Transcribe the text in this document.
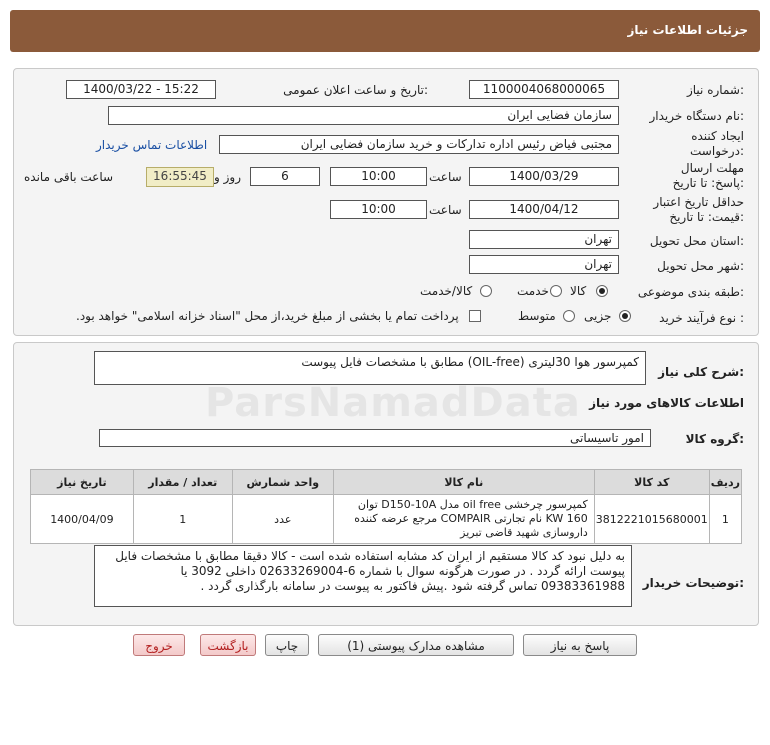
جزئیات اطلاعات نیاز
شماره نیاز:
1100004068000065
تاریخ و ساعت اعلان عمومی:
1400/03/22 - 15:22
نام دستگاه خریدار:
سازمان فضایی ایران
ایجاد کننده درخواست:
مجتبی فیاض رئیس اداره تدارکات و خرید سازمان فضایی ایران
اطلاعات تماس خریدار
مهلت ارسال پاسخ: تا تاریخ:
1400/03/29
ساعت
10:00
6
روز و
16:55:45
ساعت باقی مانده
حداقل تاریخ اعتبار قیمت: تا تاریخ:
1400/04/12
ساعت
10:00
استان محل تحویل:
تهران
شهر محل تحویل:
تهران
طبقه بندی موضوعی:
کالا
خدمت
کالا/خدمت
نوع فرآیند خرید :
جزیی
متوسط
پرداخت تمام یا بخشی از مبلغ خرید،از محل "اسناد خزانه اسلامی" خواهد بود.
شرح کلی نیاز:
کمپرسور هوا 30لیتری (OIL-free) مطابق با مشخصات فایل پیوست
اطلاعات کالاهای مورد نیاز
گروه کالا:
امور تاسیساتی
ردیف	کد کالا	نام کالا	واحد شمارش	تعداد / مقدار	تاریخ نیاز
1	3812221015680001	کمپرسور چرخشی oil free مدل D150-10A توان 160 KW نام تجارتی COMPAIR مرجع عرضه کننده داروسازی شهید قاضی تبریز	عدد	1	1400/04/09
توضیحات خریدار:
به دلیل نبود کد کالا مستقیم از ایران کد مشابه استفاده شده است - کالا دقیقا مطابق با مشخصات فایل پیوست ارائه گردد . در صورت هرگونه سوال با شماره 6-02633269004 داخلی 3092 یا 09383361988 تماس گرفته شود .پیش فاکتور به پیوست در سامانه بارگذاری گردد .
پاسخ به نیاز
مشاهده مدارک پیوستی (1)
چاپ
بازگشت
خروج
